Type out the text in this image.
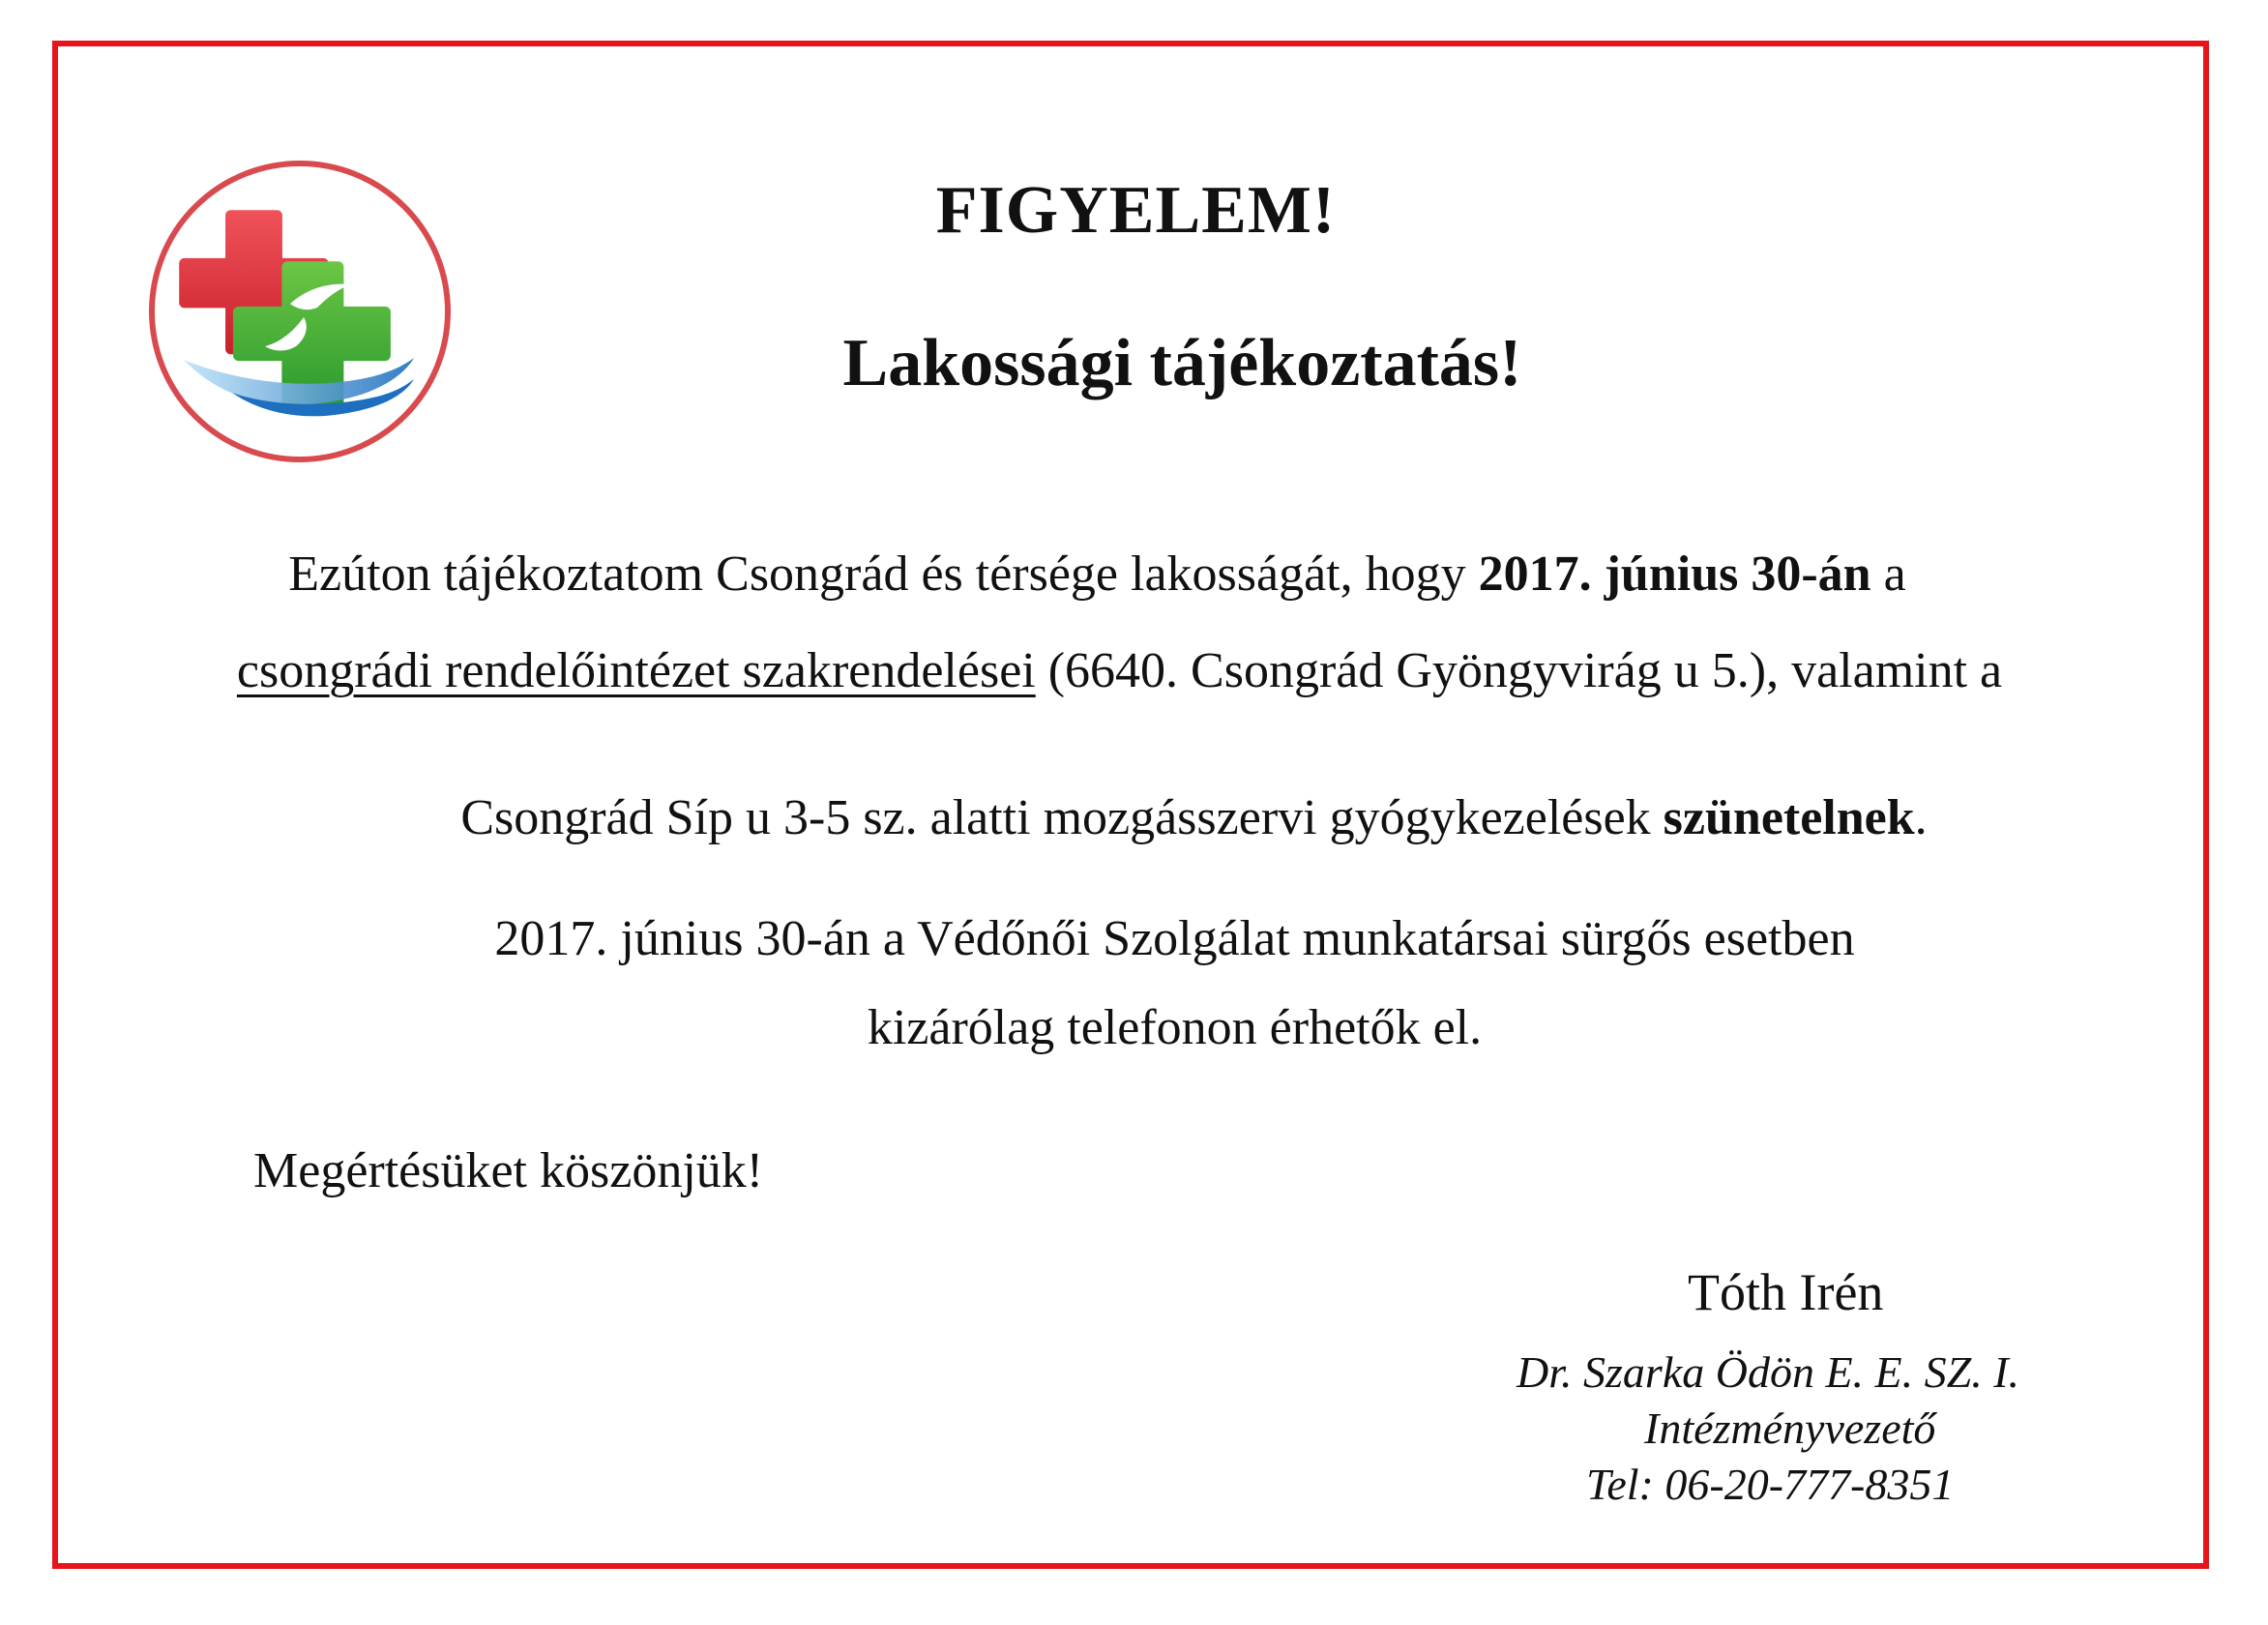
FIGYELEM!
Lakossági tájékoztatás!
Ezúton tájékoztatom Csongrád és térsége lakosságát, hogy 2017. június 30-án a
csongrádi rendelőintézet szakrendelései (6640. Csongrád Gyöngyvirág u 5.), valamint a
Csongrád Síp u 3-5 sz. alatti mozgásszervi gyógykezelések szünetelnek.
2017. június 30-án a Védőnői Szolgálat munkatársai sürgős esetben
kizárólag telefonon érhetők el.
Megértésüket köszönjük!
Tóth Irén
Dr. Szarka Ödön E. E. SZ. I.
Intézményvezető
Tel: 06-20-777-8351
